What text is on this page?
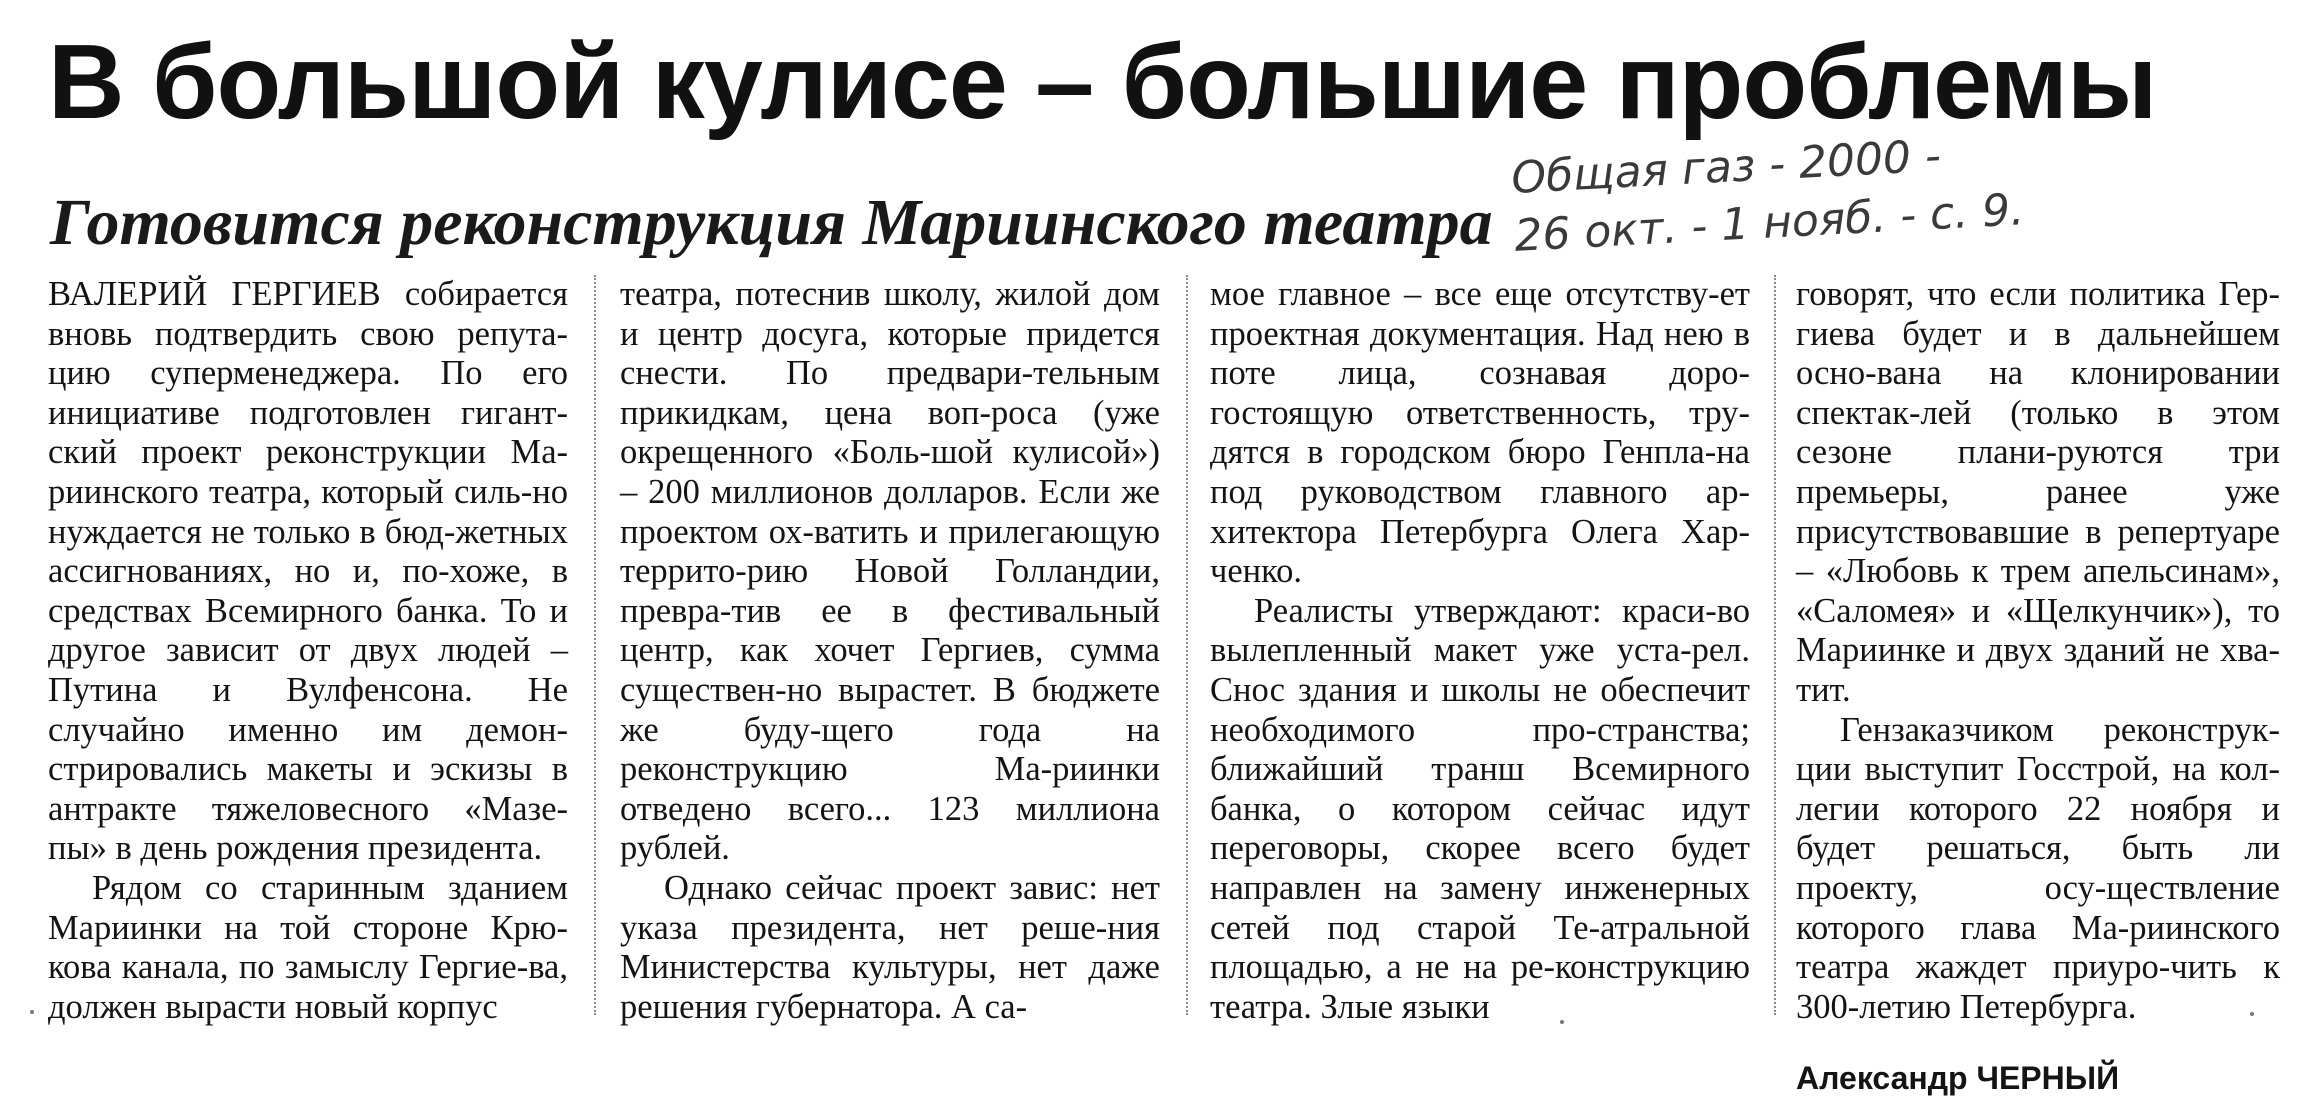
В большой кулисе – большие проблемы
Готовится реконструкция Мариинского театра
Общая газ - 2000 -
26 окт. - 1 нояб. - с. 9.

ВАЛЕРИЙ ГЕРГИЕВ собирается вновь подтвердить свою репута-цию суперменеджера. По его инициативе подготовлен гигант-ский проект реконструкции Ма-риинского театра, который силь-но нуждается не только в бюд-жетных ассигнованиях, но и, по-хоже, в средствах Всемирного банка. То и другое зависит от двух людей – Путина и Вулфенсона. Не случайно именно им демон-стрировались макеты и эскизы в антракте тяжеловесного «Мазе-пы» в день рождения президента.

Рядом со старинным зданием Мариинки на той стороне Крю-кова канала, по замыслу Гергие-ва, должен вырасти новый корпус

театра, потеснив школу, жилой дом и центр досуга, которые придется снести. По предвари-тельным прикидкам, цена воп-роса (уже окрещенного «Боль-шой кулисой») – 200 миллионов долларов. Если же проектом ох-ватить и прилегающую террито-рию Новой Голландии, преврa-тив ее в фестивальный центр, как хочет Гергиев, сумма существен-но вырастет. В бюджете же буду-щего года на реконструкцию Ма-риинки отведено всего... 123 миллиона рублей.

Однако сейчас проект завис: нет указа президента, нет реше-ния Министерства культуры, нет даже решения губернатора. А са-

мое главное – все еще отсутству-ет проектная документация. Над нею в поте лица, сознавая доро-гостоящую ответственность, тру-дятся в городском бюро Генпла-на под руководством главного ар-хитектора Петербурга Олега Хар-ченко.

Реалисты утверждают: краси-во вылепленный макет уже уста-рел. Снос здания и школы не обеспечит необходимого про-странства; ближайший транш Всемирного банка, о котором сейчас идут переговоры, скорее всего будет направлен на замену инженерных сетей под старой Те-атральной площадью, а не на ре-конструкцию театра. Злые языки

говорят, что если политика Гер-гиева будет и в дальнейшем осно-вана на клонировании спектак-лей (только в этом сезоне плани-руются три премьеры, ранее уже присутствовавшие в репертуаре – «Любовь к трем апельсинам», «Саломея» и «Щелкунчик»), то Мариинке и двух зданий не хва-тит.

Гензаказчиком реконструк-ции выступит Госстрой, на кол-легии которого 22 ноября и будет решаться, быть ли проекту, осу-ществление которого глава Ма-риинского театра жаждет приуро-чить к 300-летию Петербурга.

Александр ЧЕРНЫЙ
